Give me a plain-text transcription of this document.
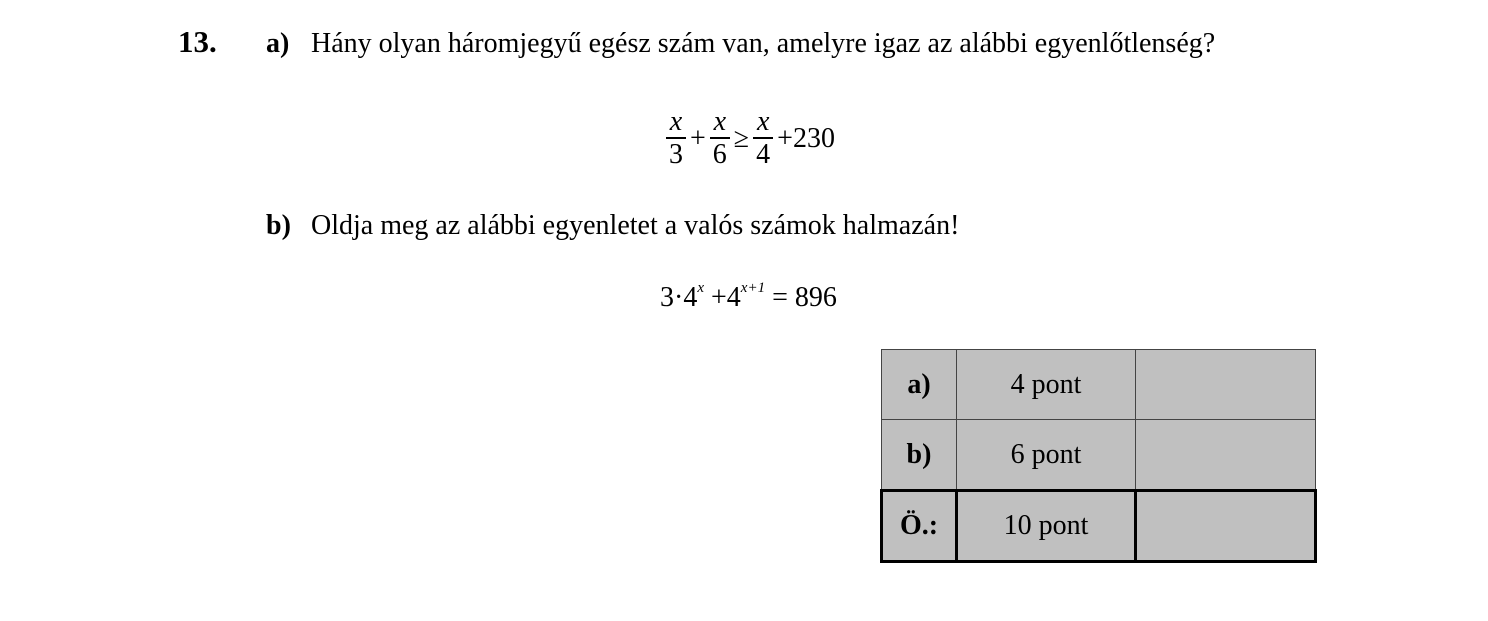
13. a) Hány olyan háromjegyű egész szám van, amelyre igaz az alábbi egyenlőtlenség?
$\frac{x}{3} + \frac{x}{6} \ge \frac{x}{4} +230$
b) Oldja meg az alábbi egyenletet a valós számok halmazán!
$3\cdot 4^x +4^{x+1} = 896$
a)	4 pont	
b)	6 pont	
Ö.:	10 pont	
